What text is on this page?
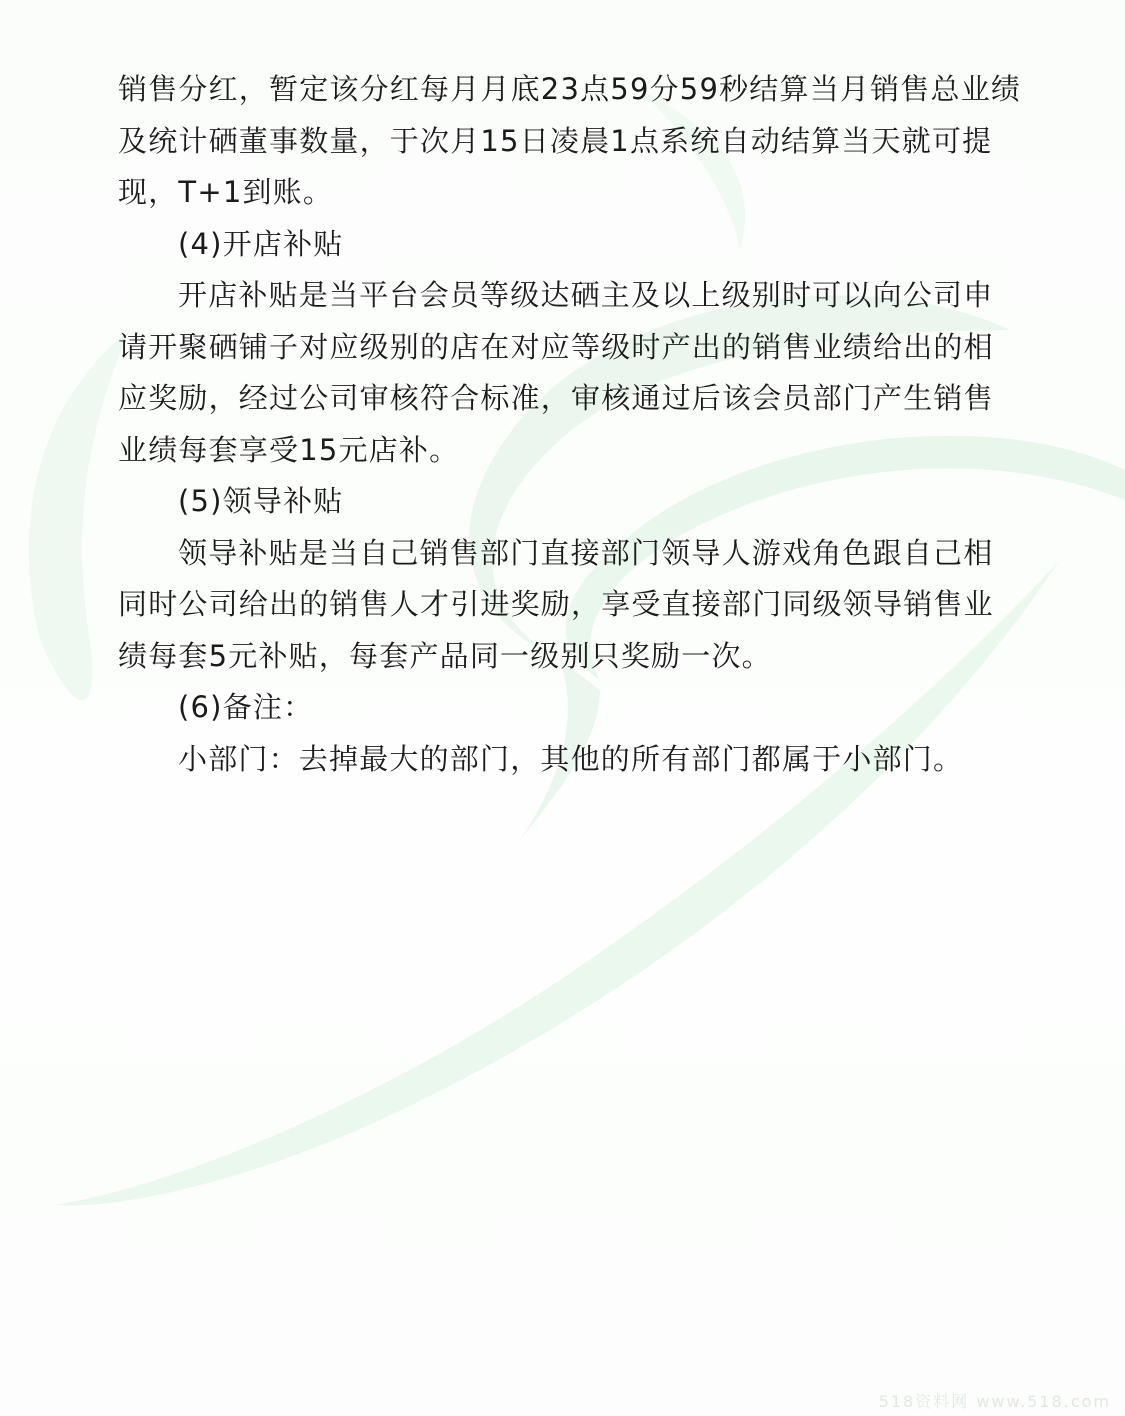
销售分红，暂定该分红每月月底23点59分59秒结算当月销售总业绩

及统计硒董事数量，于次月15日凌晨1点系统自动结算当天就可提

现，T+1到账。

(4)开店补贴

开店补贴是当平台会员等级达硒主及以上级别时可以向公司申

请开聚硒铺子对应级别的店在对应等级时产出的销售业绩给出的相

应奖励，经过公司审核符合标准，审核通过后该会员部门产生销售

业绩每套享受15元店补。

(5)领导补贴

领导补贴是当自己销售部门直接部门领导人游戏角色跟自己相

同时公司给出的销售人才引进奖励，享受直接部门同级领导销售业

绩每套5元补贴，每套产品同一级别只奖励一次。

(6)备注：

小部门：去掉最大的部门，其他的所有部门都属于小部门。

518资料网 www.518.com
